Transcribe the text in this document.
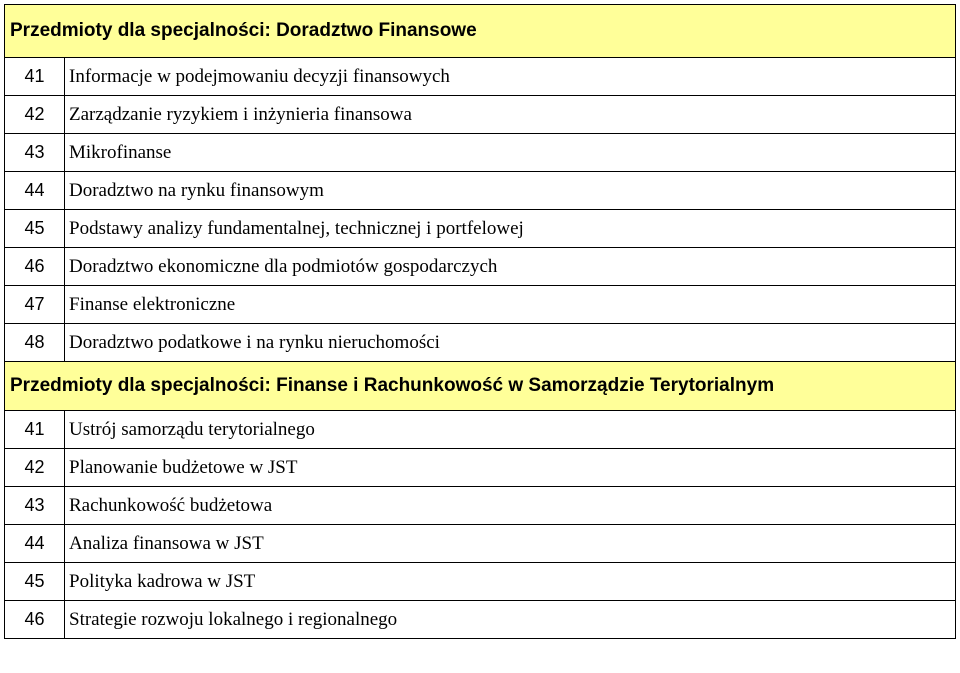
Przedmioty dla specjalności: Doradztwo Finansowe	
41	Informacje w podejmowaniu decyzji finansowych
42	Zarządzanie ryzykiem i inżynieria finansowa
43	Mikrofinanse
44	Doradztwo na rynku finansowym
45	Podstawy analizy fundamentalnej, technicznej i portfelowej
46	Doradztwo ekonomiczne dla podmiotów gospodarczych
47	Finanse elektroniczne
48	Doradztwo podatkowe i na rynku nieruchomości
Przedmioty dla specjalności: Finanse i Rachunkowość w Samorządzie Terytorialnym	
41	Ustrój samorządu terytorialnego
42	Planowanie budżetowe w JST
43	Rachunkowość budżetowa
44	Analiza finansowa w JST
45	Polityka kadrowa w JST
46	Strategie rozwoju lokalnego i regionalnego
